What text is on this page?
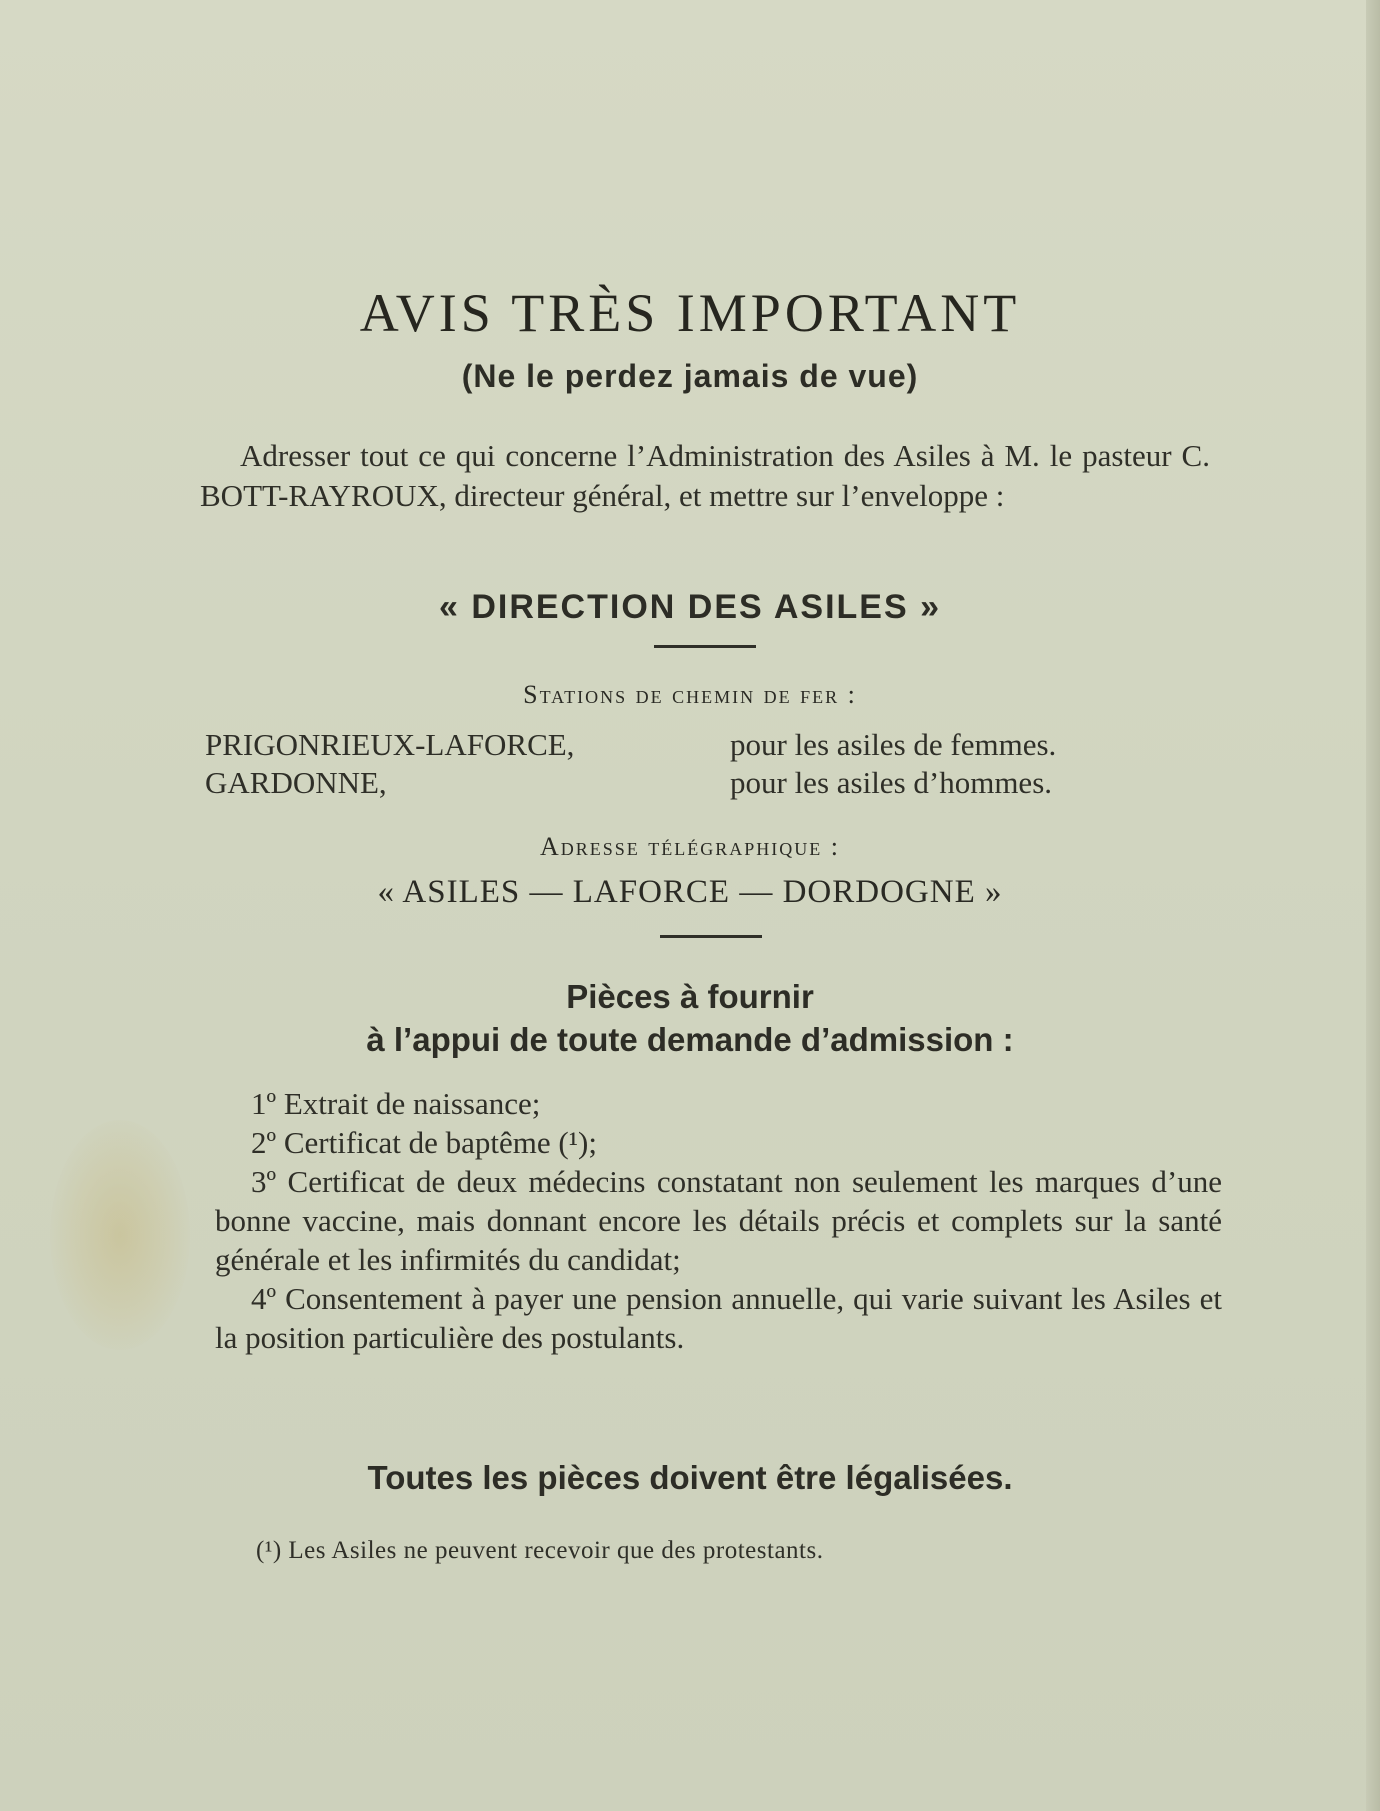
AVIS TRÈS IMPORTANT
(Ne le perdez jamais de vue)

Adresser tout ce qui concerne l’Administration des Asiles à M. le pasteur C. BOTT-RAYROUX, directeur général, et mettre sur l’enveloppe :

« DIRECTION DES ASILES »
Stations de chemin de fer :
PRIGONRIEUX-LAFORCE,	pour les asiles de femmes.
GARDONNE,	pour les asiles d’hommes.
Adresse télégraphique :
« ASILES — LAFORCE — DORDOGNE »
Pièces à fournir
à l’appui de toute demande d’admission :

1º Extrait de naissance;

2º Certificat de baptême (¹);

3º Certificat de deux médecins constatant non seulement les marques d’une bonne vaccine, mais donnant encore les détails précis et complets sur la santé générale et les infirmités du candidat;

4º Consentement à payer une pension annuelle, qui varie suivant les Asiles et la position particulière des postulants.

Toutes les pièces doivent être légalisées.
(¹) Les Asiles ne peuvent recevoir que des protestants.
